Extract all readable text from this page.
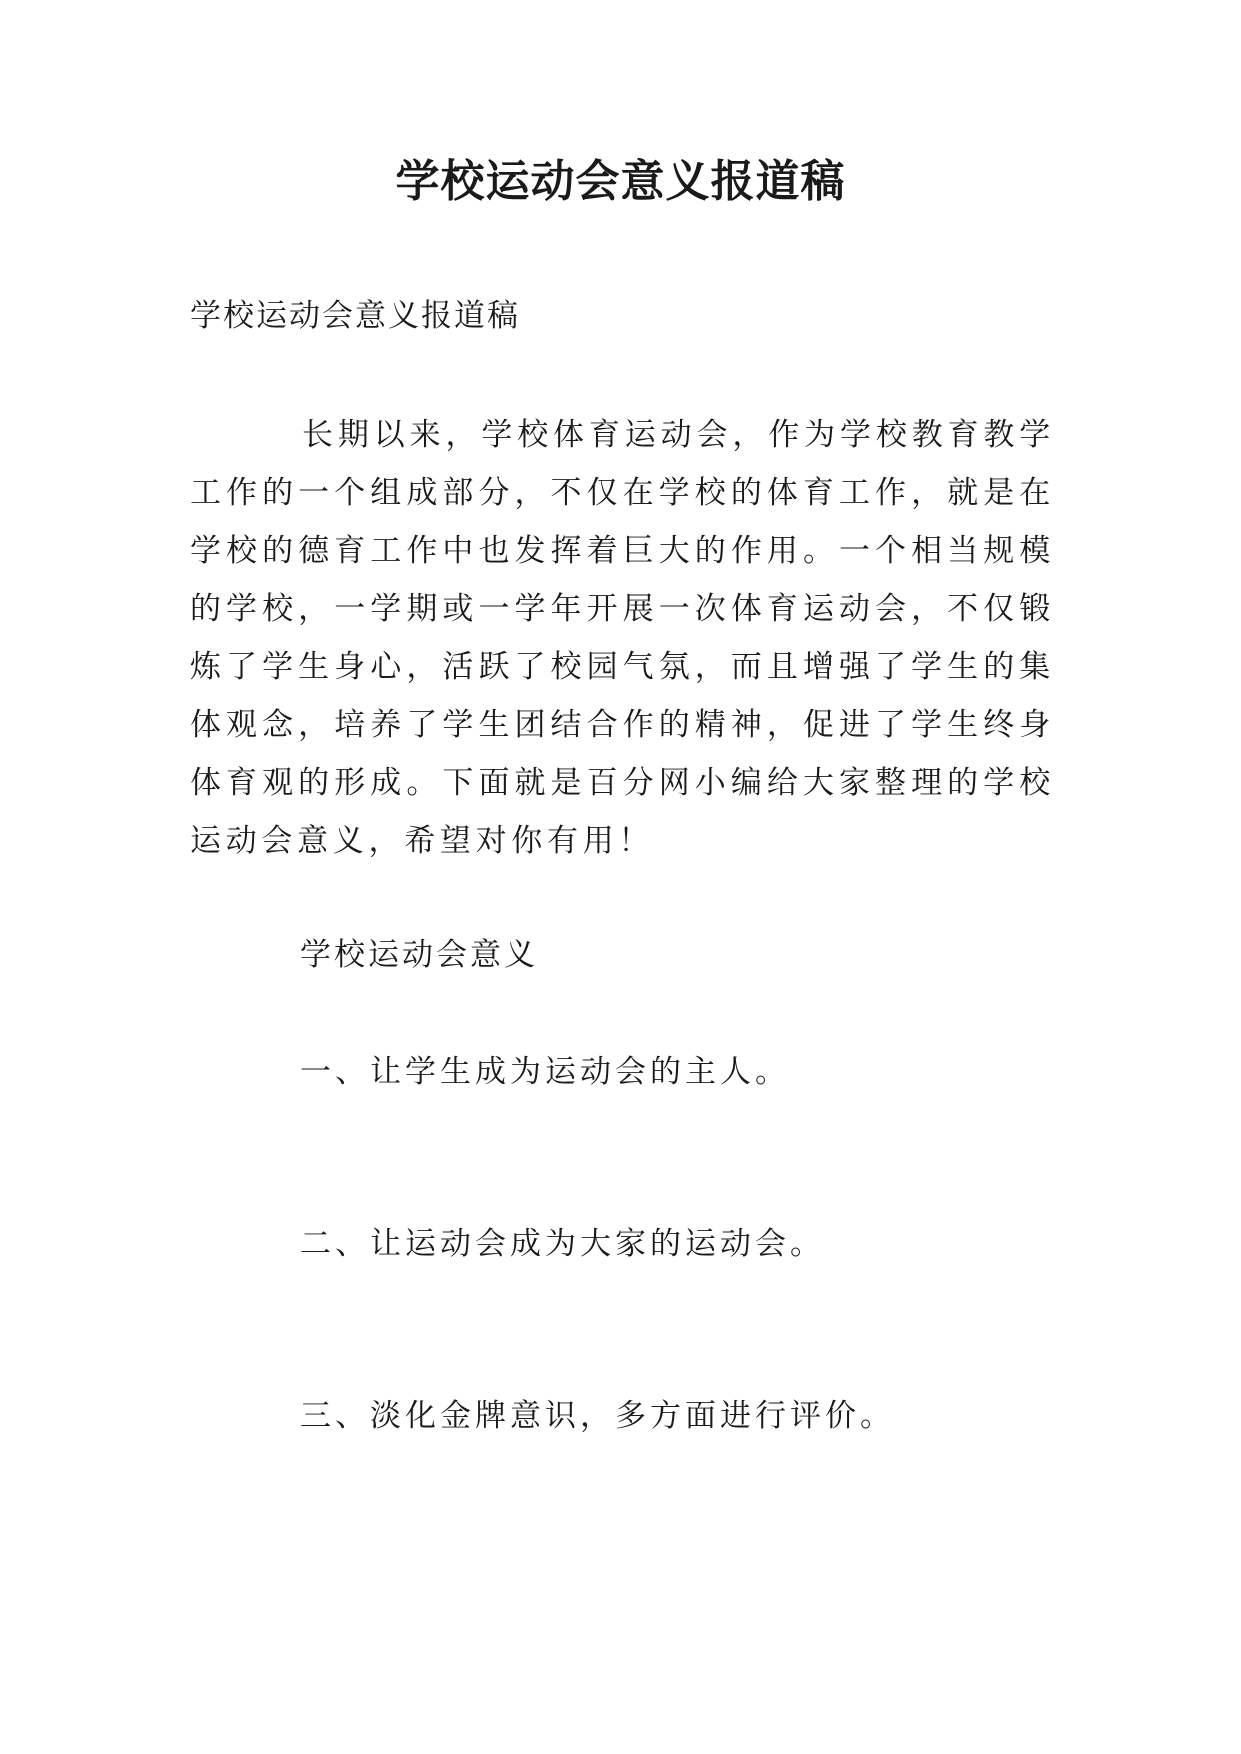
学校运动会意义报道稿

学校运动会意义报道稿

长期以来，学校体育运动会，作为学校教育教学工作的一个组成部分，不仅在学校的体育工作，就是在学校的德育工作中也发挥着巨大的作用。一个相当规模的学校，一学期或一学年开展一次体育运动会，不仅锻炼了学生身心，活跃了校园气氛，而且增强了学生的集体观念，培养了学生团结合作的精神，促进了学生终身体育观的形成。下面就是百分网小编给大家整理的学校运动会意义，希望对你有用！

学校运动会意义

一、让学生成为运动会的主人。

二、让运动会成为大家的运动会。

三、淡化金牌意识，多方面进行评价。
